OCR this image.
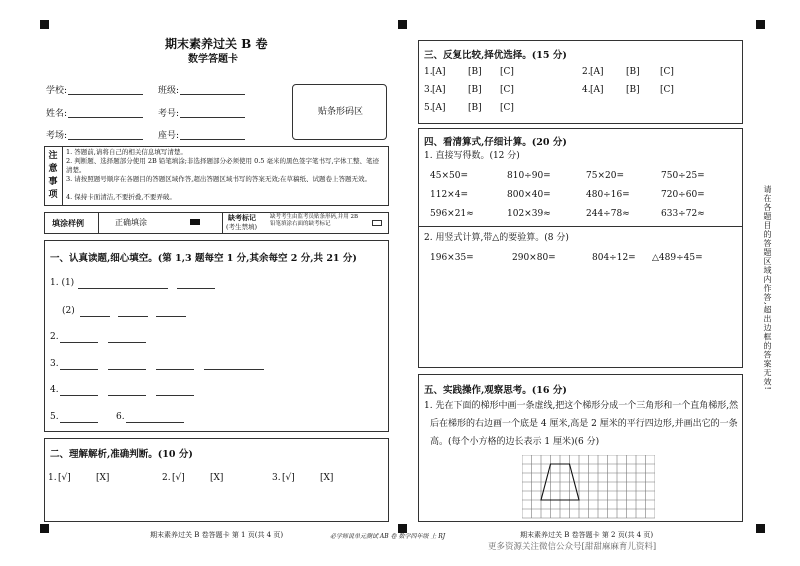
期末素养过关 B 卷
数学答题卡
学校:	班级:
姓名:	考号:
考场:	座号:
贴条形码区
注意事项
1. 答题前,请将自己的相关信息填写清楚。
2. 判断题、选择题部分使用 2B 铅笔填涂;非选择题部分必须使用 0.5 毫米的黑色签字笔书写,字体工整、笔迹清楚。
3. 请按照题号顺序在各题目的答题区域作答,超出答题区域书写的答案无效;在草稿纸、试题卷上答题无效。
4. 保持卡面清洁,不要折叠,不要弄破。
填涂样例	正确填涂
缺考标记
(考生禁填)
缺考考生由监考员贴条形码,并用 2B 铅笔填涂右面的缺考标记
一、认真读题,细心填空。(第 1,3 题每空 1 分,其余每空 2 分,共 21 分)
1. (1)
(2)
2.
3.
4.
5.	6.
二、理解解析,准确判断。(10 分)
1. [√]	[X]	2. [√]	[X]	3. [√]	[X]
期末素养过关 B 卷答题卡 第 1 页(共 4 页)	必学师说单元测试 AB 卷 数学四年级 上 RJ
三、反复比较,择优选择。(15 分)
1. [A] [B] [C]	2. [A] [B] [C]
3. [A] [B] [C]	4. [A] [B] [C]
5. [A] [B] [C]
四、看清算式,仔细计算。(20 分)
1. 直接写得数。(12 分)
45×50=	810÷90=	75×20=	750÷25=
112×4=	800×40=	480÷16=	720÷60=
596×21≈	102×39≈	244÷78≈	633÷72≈
2. 用竖式计算,带△的要验算。(8 分)
196×35=	290×80=	804÷12= △489÷45=
五、实践操作,观察思考。(16 分)
1. 先在下面的梯形中画一条虚线,把这个梯形分成一个三角形和一个直角梯形,然
后在梯形的右边画一个底是 4 厘米,高是 2 厘米的平行四边形,并画出它的一条
高。(每个小方格的边长表示 1 厘米)(6 分)
请在各题目的答题区域内作答,超出边框的答案无效!
期末素养过关 B 卷答题卡 第 2 页(共 4 页)
更多资源关注微信公众号[甜甜麻麻育儿资料]
